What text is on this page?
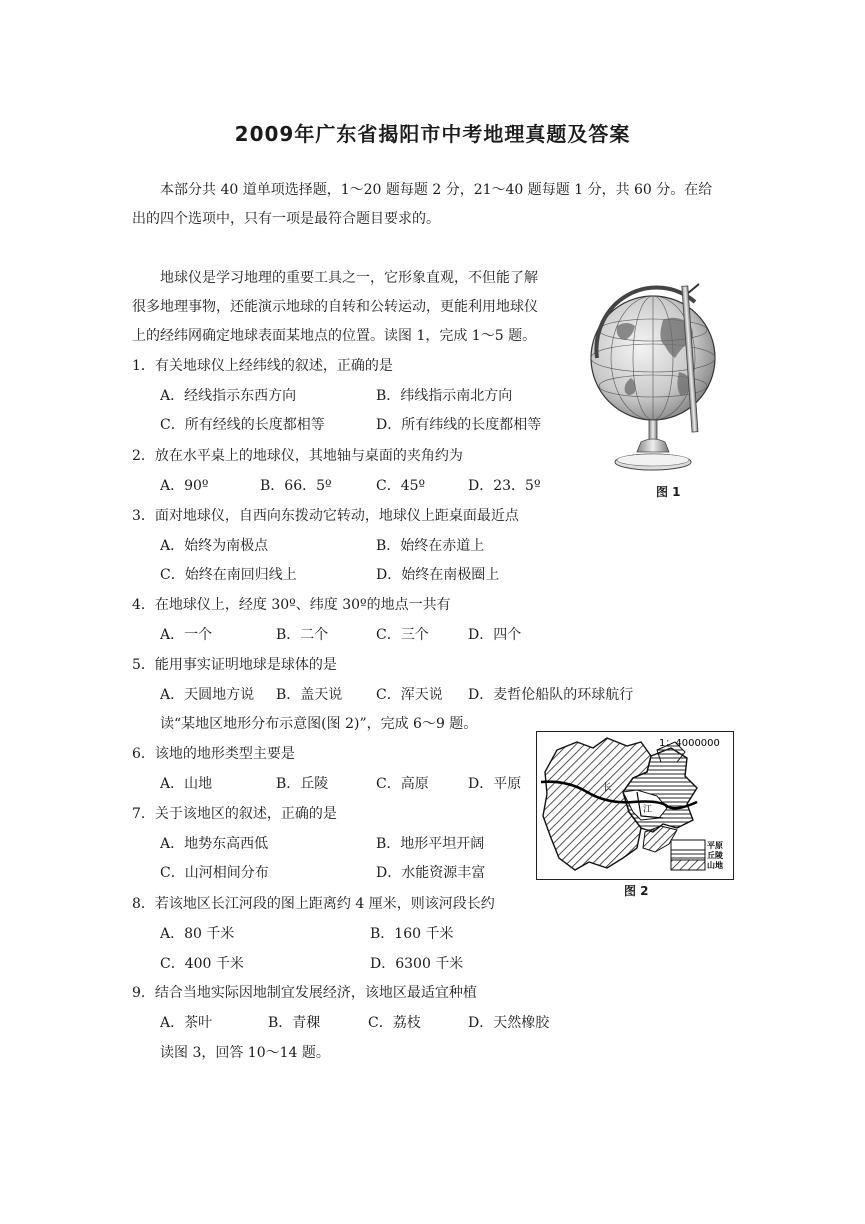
2009年广东省揭阳市中考地理真题及答案
本部分共 40 道单项选择题，1～20 题每题 2 分，21～40 题每题 1 分，共 60 分。在给
出的四个选项中，只有一项是最符合题目要求的。
地球仪是学习地理的重要工具之一，它形象直观，不但能了解
很多地理事物，还能演示地球的自转和公转运动，更能利用地球仪
上的经纬网确定地球表面某地点的位置。读图 1，完成 1～5 题。
1．有关地球仪上经纬线的叙述，正确的是
A．经线指示东西方向	B．纬线指示南北方向
C．所有经线的长度都相等	D．所有纬线的长度都相等
2．放在水平桌上的地球仪，其地轴与桌面的夹角约为
A．90º	B．66．5º	C．45º	D．23．5º
3．面对地球仪，自西向东拨动它转动，地球仪上距桌面最近点
A．始终为南极点	B．始终在赤道上
C．始终在南回归线上	D．始终在南极圈上
4．在地球仪上，经度 30º、纬度 30º的地点一共有
A．一个	B．二个	C．三个	D．四个
5．能用事实证明地球是球体的是
A．天圆地方说 B．盖天说 C．浑天说 D．麦哲伦船队的环球航行
读“某地区地形分布示意图(图 2)”，完成 6～9 题。
6．该地的地形类型主要是
A．山地	B．丘陵	C．高原	D．平原
7．关于该地区的叙述，正确的是
A．地势东高西低	B．地形平坦开阔
C．山河相间分布	D．水能资源丰富
8．若该地区长江河段的图上距离约 4 厘米，则该河段长约
A．80 千米	B．160 千米
C．400 千米	D．6300 千米
9．结合当地实际因地制宜发展经济，该地区最适宜种植
A．茶叶	B．青稞	C．荔枝	D．天然橡胶
读图 3，回答 10～14 题。
图 1
长
江
1：4000000
平原
丘陵
山地
图 2
